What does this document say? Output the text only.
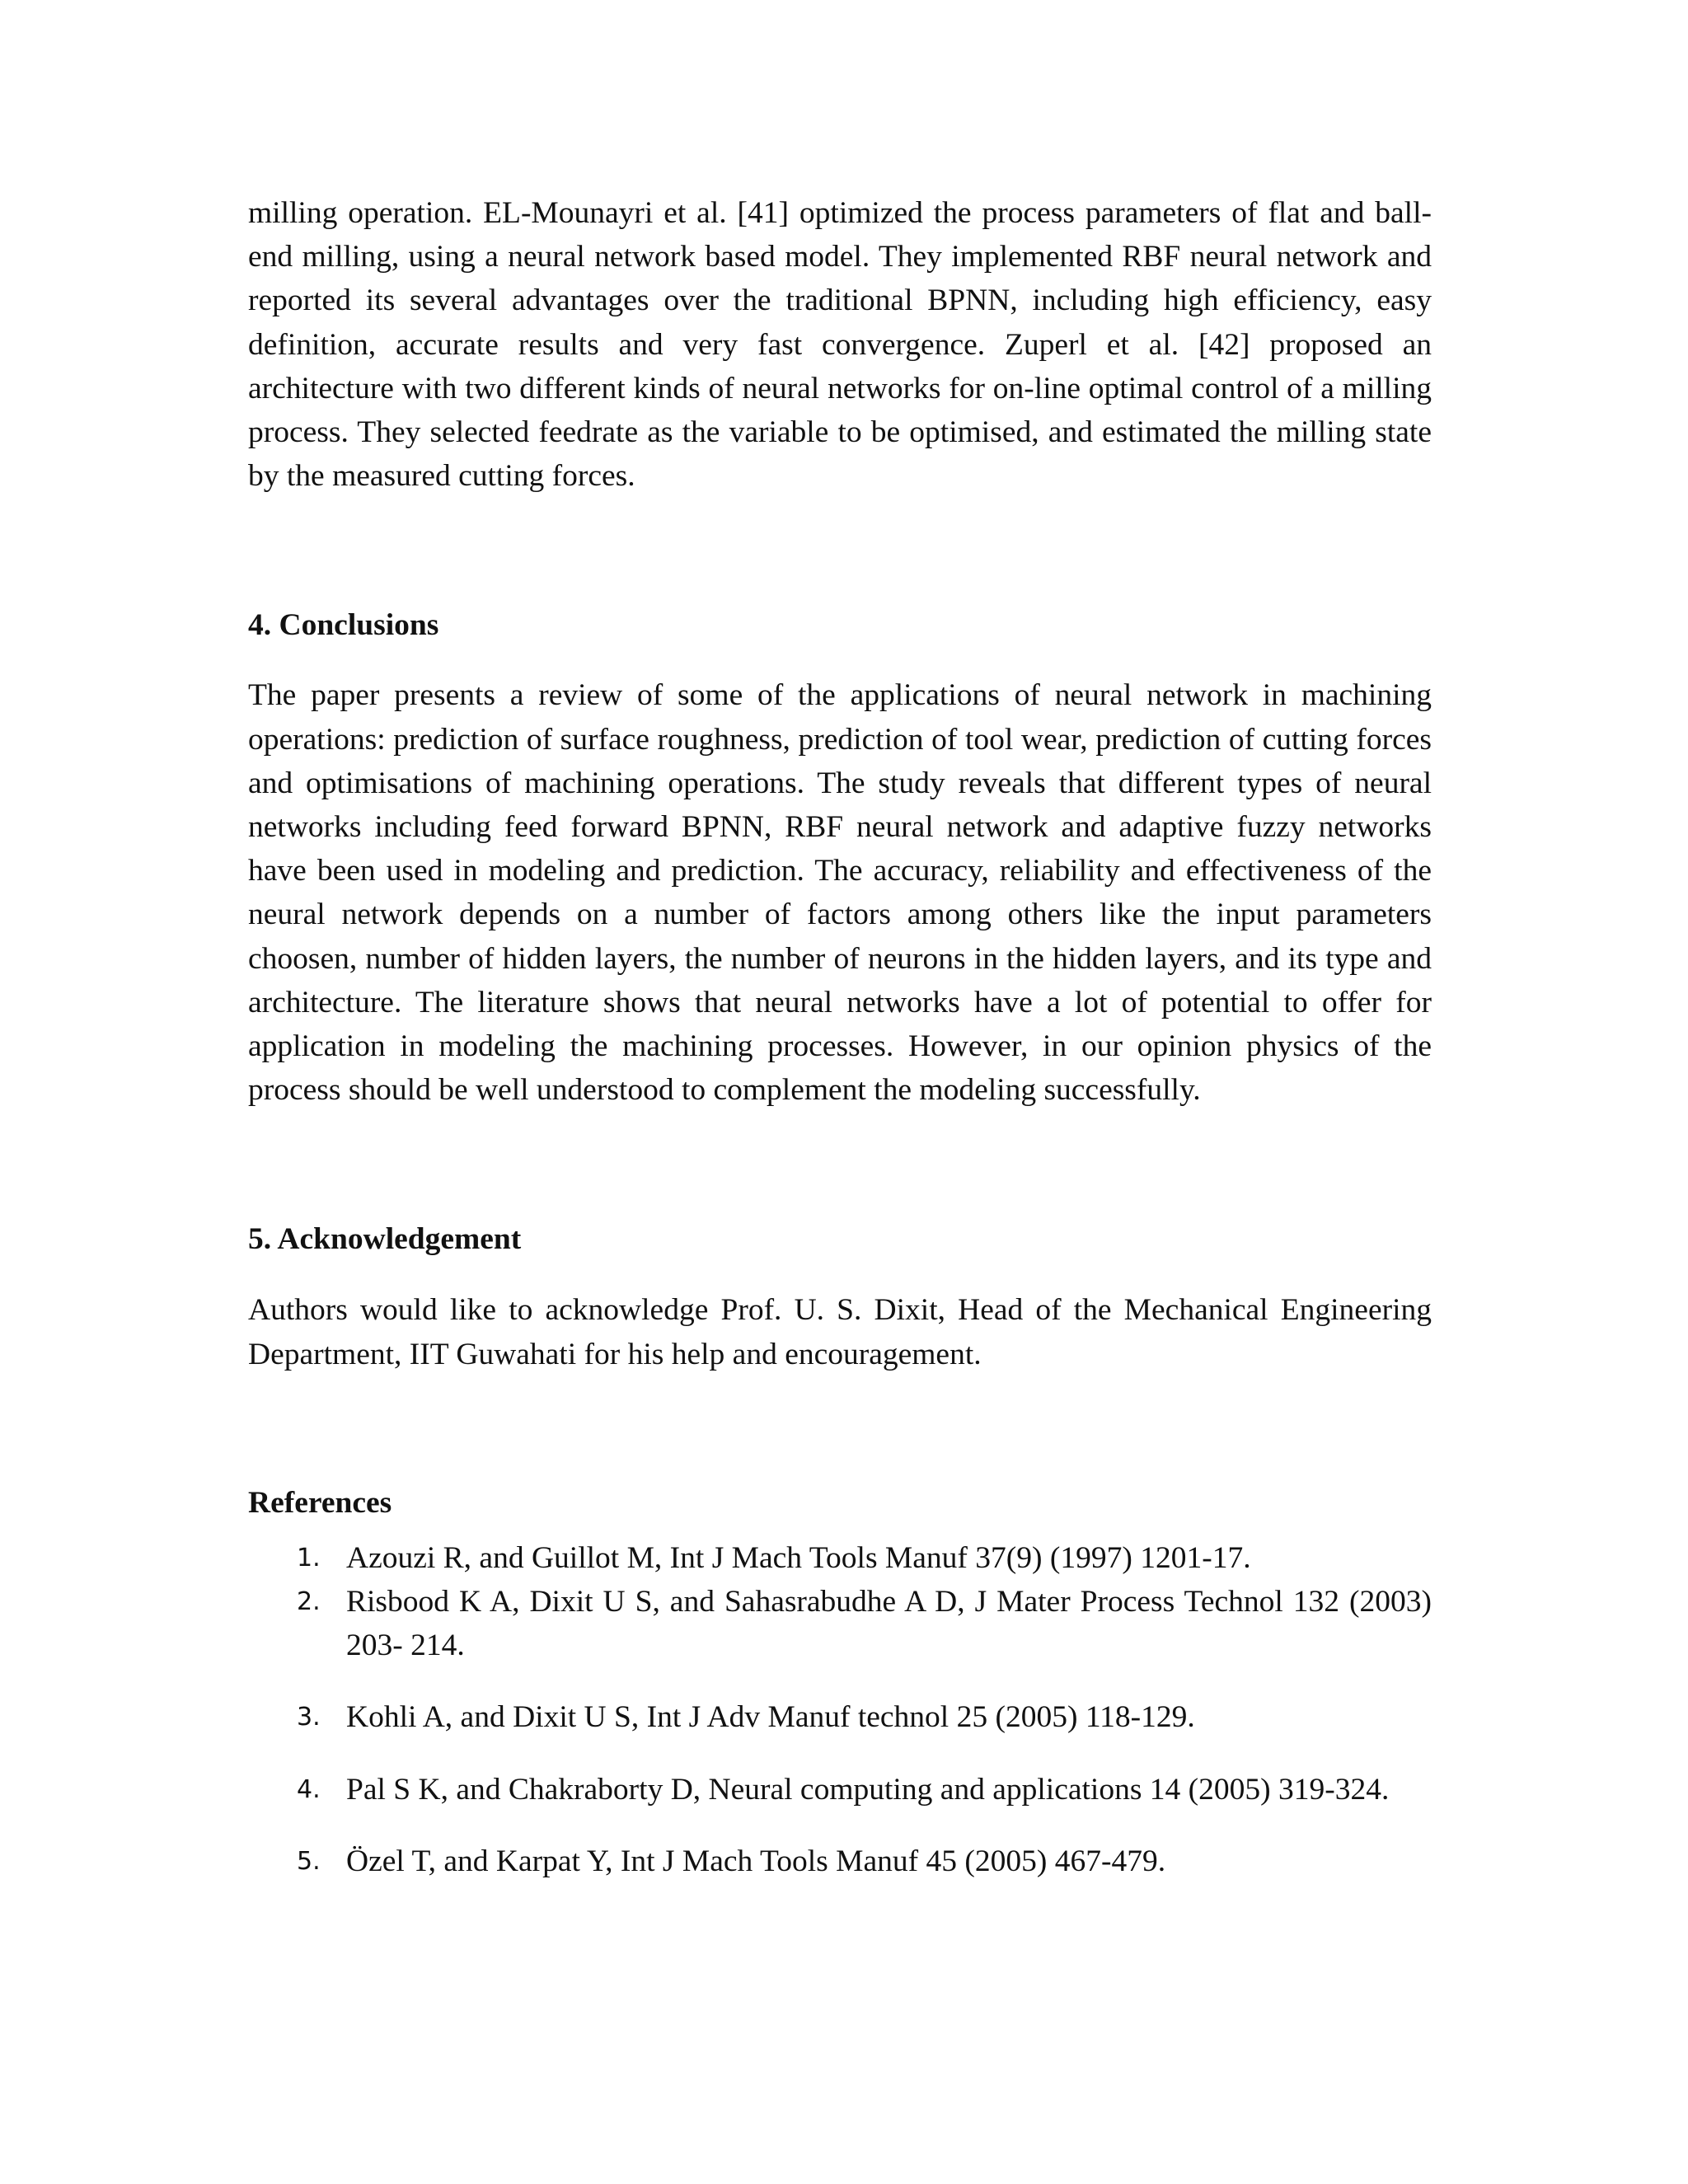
milling operation. EL-Mounayri et al. [41] optimized the process parameters of flat and ball-end milling, using a neural network based model. They implemented RBF neural network and reported its several advantages over the traditional BPNN, including high efficiency, easy definition, accurate results and very fast convergence. Zuperl et al. [42] proposed an architecture with two different kinds of neural networks for on-line optimal control of a milling process. They selected feedrate as the variable to be optimised, and estimated the milling state by the measured cutting forces.

4. Conclusions

The paper presents a review of some of the applications of neural network in machining operations: prediction of surface roughness, prediction of tool wear, prediction of cutting forces and optimisations of machining operations. The study reveals that different types of neural networks including feed forward BPNN, RBF neural network and adaptive fuzzy networks have been used in modeling and prediction. The accuracy, reliability and effectiveness of the neural network depends on a number of factors among others like the input parameters choosen, number of hidden layers, the number of neurons in the hidden layers, and its type and architecture. The literature shows that neural networks have a lot of potential to offer for application in modeling the machining processes. However, in our opinion physics of the process should be well understood to complement the modeling successfully.

5. Acknowledgement

Authors would like to acknowledge Prof. U. S. Dixit, Head of the Mechanical Engineering Department, IIT Guwahati for his help and encouragement.

References
1. Azouzi R, and Guillot M, Int J Mach Tools Manuf 37(9) (1997) 1201-17.
2. Risbood K A, Dixit U S, and Sahasrabudhe A D, J Mater Process Technol 132 (2003) 203- 214.
3. Kohli A, and Dixit U S, Int J Adv Manuf technol 25 (2005) 118-129.
4. Pal S K, and Chakraborty D, Neural computing and applications 14 (2005) 319-324.
5. Özel T, and Karpat Y, Int J Mach Tools Manuf 45 (2005) 467-479.
